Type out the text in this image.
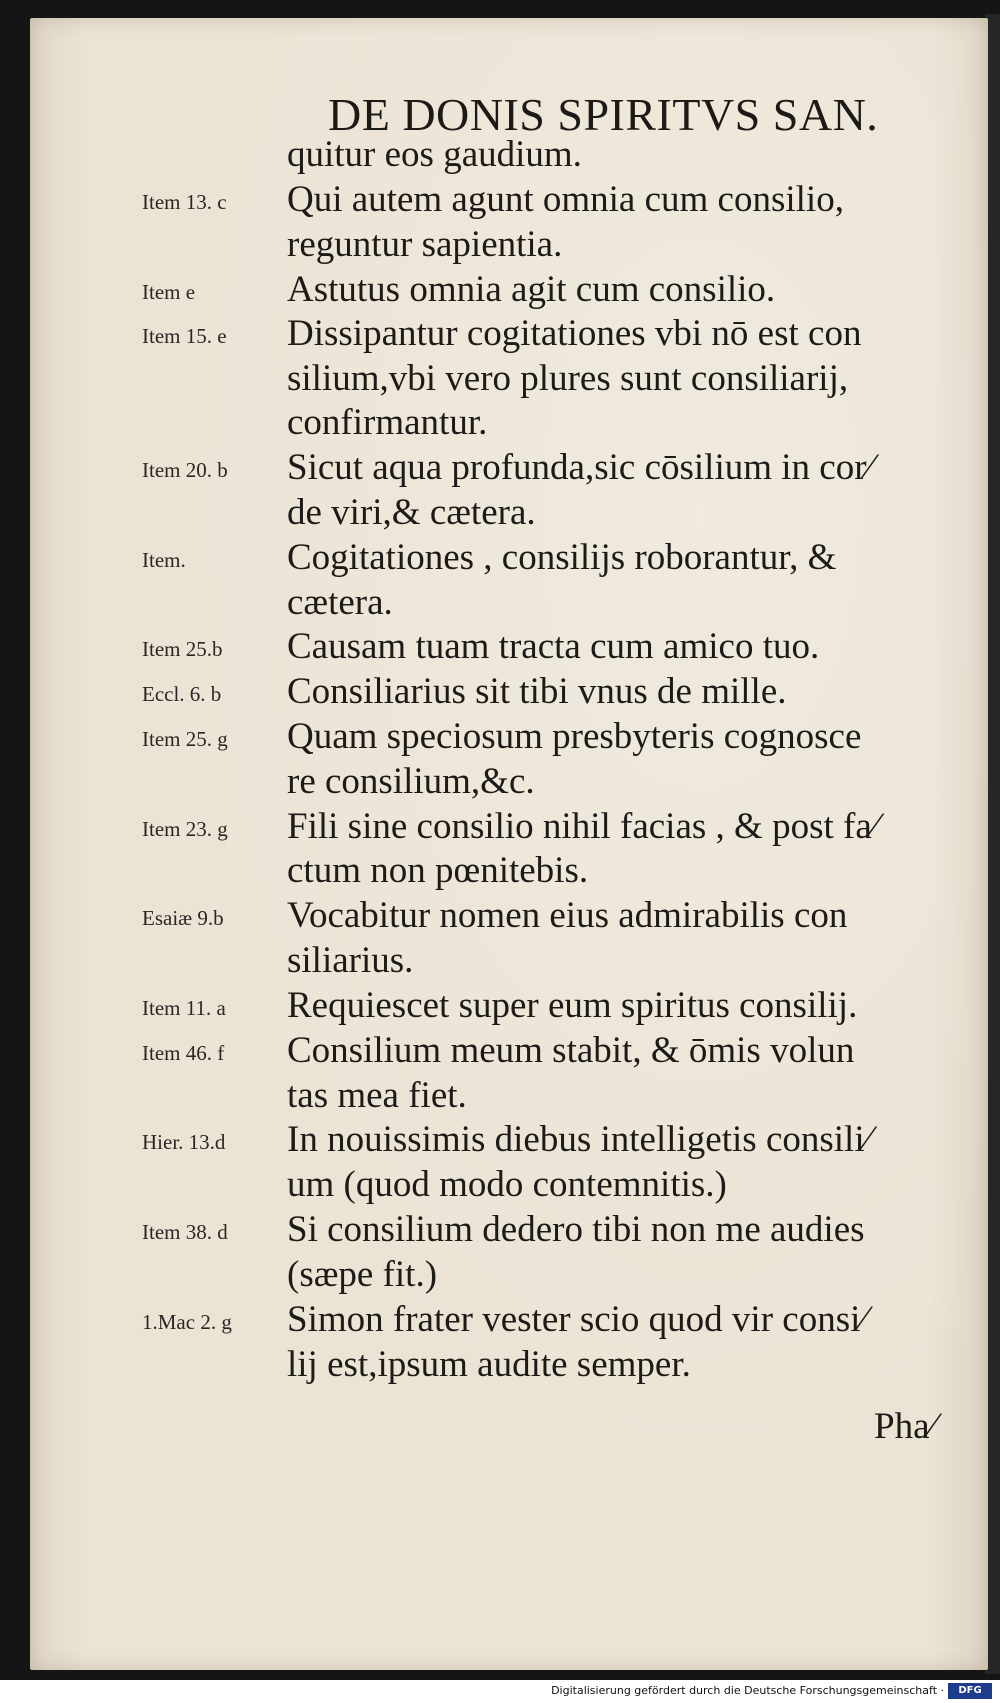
DE DONIS SPIRITVS SAN.
quitur eos gaudium.
Qui autem agunt omnia cum consilio,
Item 13. c
reguntur sapientia.
Astutus omnia agit cum consilio.
Item e
Dissipantur cogitationes vbi nō est con
Item 15. e
silium,vbi vero plures sunt consiliarij,
confirmantur.
Sicut aqua profunda,sic cōsilium in cor⁄
Item 20. b
de viri,& cætera.
Cogitationes , consilijs roborantur, &
Item.
cætera.
Causam tuam tracta cum amico tuo.
Item 25.b
Consiliarius sit tibi vnus de mille.
Eccl. 6. b
Quam speciosum presbyteris cognosce
Item 25. g
re consilium,&c.
Fili sine consilio nihil facias , & post fa⁄
Item 23. g
ctum non pœnitebis.
Vocabitur nomen eius admirabilis con
Esaiæ 9.b
siliarius.
Requiescet super eum spiritus consilij.
Item 11. a
Consilium meum stabit, & ōmis volun
Item 46. f
tas mea fiet.
In nouissimis diebus intelligetis consili⁄
Hier. 13.d
um (quod modo contemnitis.)
Si consilium dedero tibi non me audies
Item 38. d
(sæpe fit.)
Simon frater vester scio quod vir consi⁄
1.Mac 2. g
lij est,ipsum audite semper.
Pha⁄
Digitalisierung gefördert durch die Deutsche Forschungsgemeinschaft ·	DFG
